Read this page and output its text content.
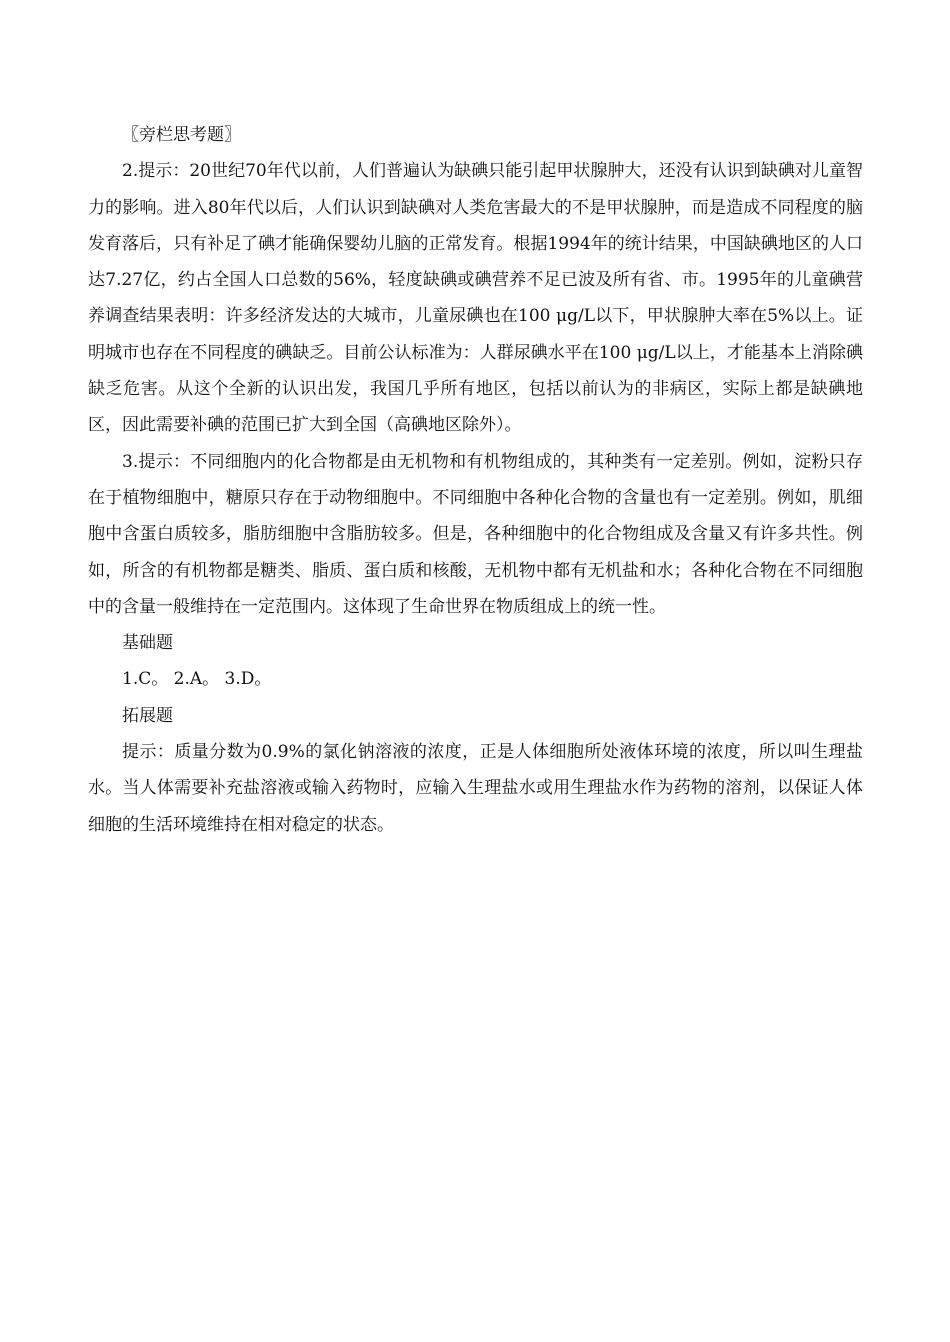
〖旁栏思考题〗

2.提示：20世纪70年代以前，人们普遍认为缺碘只能引起甲状腺肿大，还没有认识到缺碘对儿童智力的影响。进入80年代以后，人们认识到缺碘对人类危害最大的不是甲状腺肿，而是造成不同程度的脑发育落后，只有补足了碘才能确保婴幼儿脑的正常发育。根据1994年的统计结果，中国缺碘地区的人口达7.27亿，约占全国人口总数的56%，轻度缺碘或碘营养不足已波及所有省、市。1995年的儿童碘营养调查结果表明：许多经济发达的大城市，儿童尿碘也在100 μg/L以下，甲状腺肿大率在5%以上。证明城市也存在不同程度的碘缺乏。目前公认标准为：人群尿碘水平在100 μg/L以上，才能基本上消除碘缺乏危害。从这个全新的认识出发，我国几乎所有地区，包括以前认为的非病区，实际上都是缺碘地区，因此需要补碘的范围已扩大到全国（高碘地区除外）。

3.提示：不同细胞内的化合物都是由无机物和有机物组成的，其种类有一定差别。例如，淀粉只存在于植物细胞中，糖原只存在于动物细胞中。不同细胞中各种化合物的含量也有一定差别。例如，肌细胞中含蛋白质较多，脂肪细胞中含脂肪较多。但是，各种细胞中的化合物组成及含量又有许多共性。例如，所含的有机物都是糖类、脂质、蛋白质和核酸，无机物中都有无机盐和水；各种化合物在不同细胞中的含量一般维持在一定范围内。这体现了生命世界在物质组成上的统一性。

基础题

1.C。 2.A。 3.D。

拓展题

提示：质量分数为0.9%的氯化钠溶液的浓度，正是人体细胞所处液体环境的浓度，所以叫生理盐水。当人体需要补充盐溶液或输入药物时，应输入生理盐水或用生理盐水作为药物的溶剂，以保证人体细胞的生活环境维持在相对稳定的状态。
